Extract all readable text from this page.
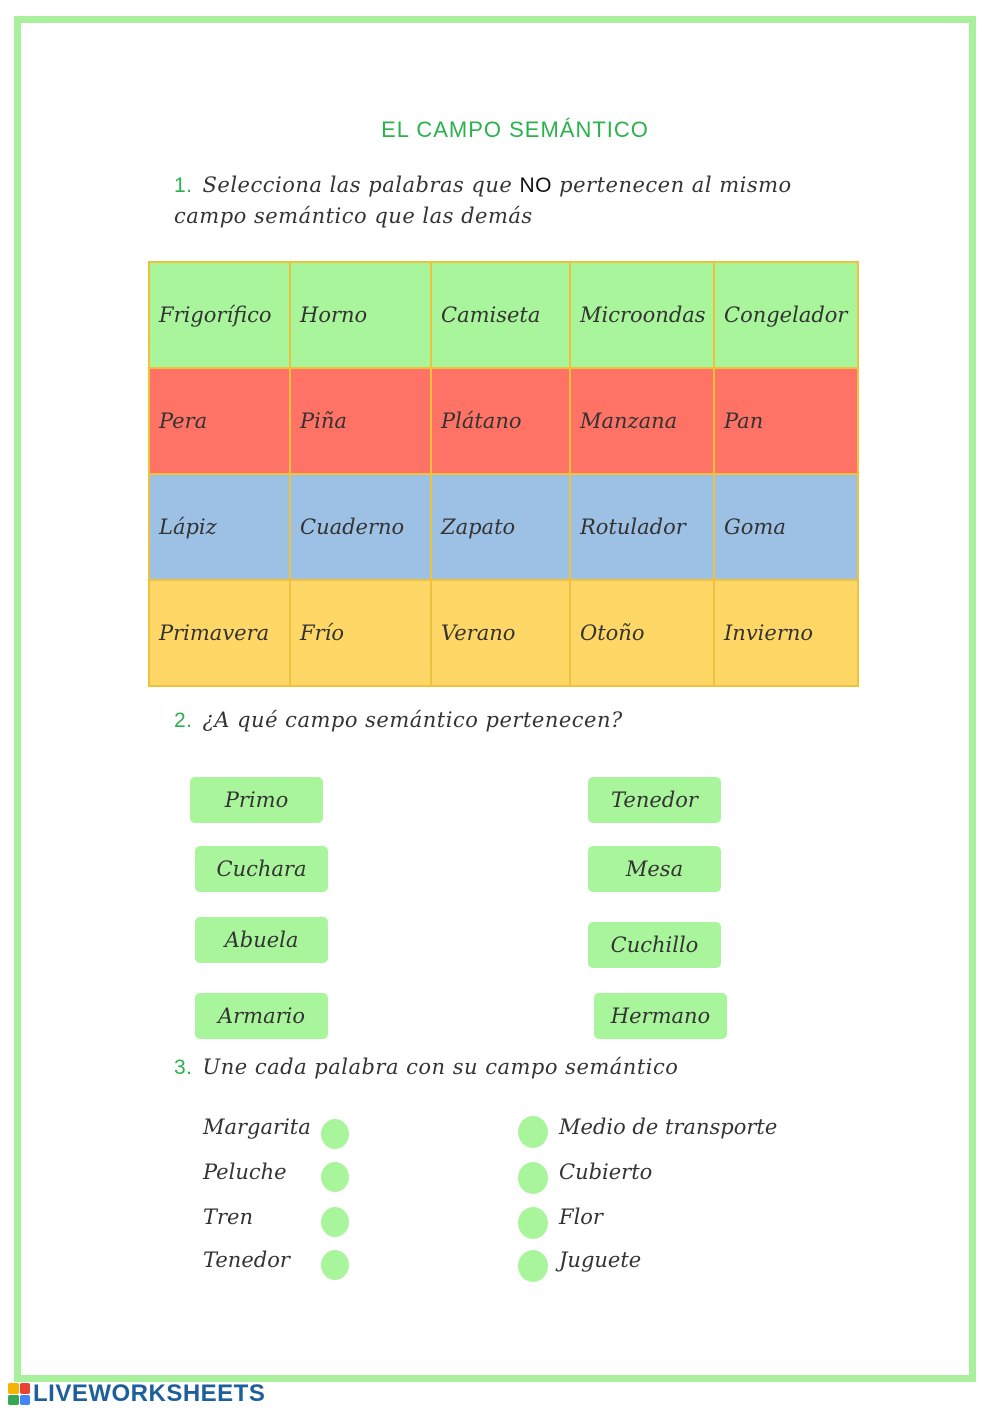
EL CAMPO SEMÁNTICO
1. Selecciona las palabras que NO pertenecen al mismo campo semántico que las demás
Frigorífico	Horno	Camiseta	Microondas	Congelador
Pera	Piña	Plátano	Manzana	Pan
Lápiz	Cuaderno	Zapato	Rotulador	Goma
Primavera	Frío	Verano	Otoño	Invierno
2. ¿A qué campo semántico pertenecen?
Primo	Tenedor
Cuchara	Mesa
Abuela	Cuchillo
Armario	Hermano
3. Une cada palabra con su campo semántico
Margarita
Peluche
Tren
Tenedor
Medio de transporte
Cubierto
Flor
Juguete
LIVEWORKSHEETS
